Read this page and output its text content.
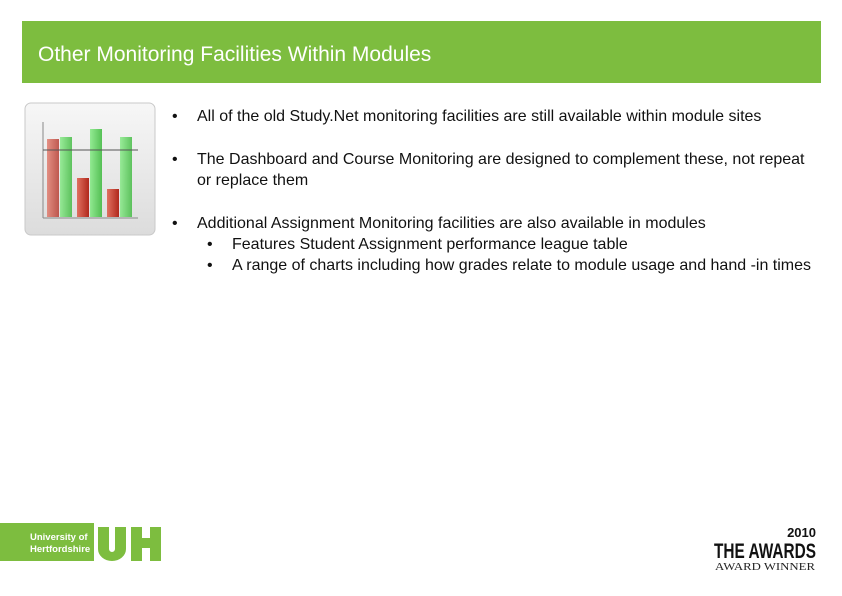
Other Monitoring Facilities Within Modules
• All of the old Study.Net monitoring facilities are still available within module sites
• The Dashboard and Course Monitoring are designed to complement these, not repeat or replace them
• Additional Assignment Monitoring facilities are also available in modules
• Features Student Assignment performance league table
• A range of charts including how grades relate to module usage and hand -in times
University of
Hertfordshire
2010
THE AWARDS
AWARD WINNER
